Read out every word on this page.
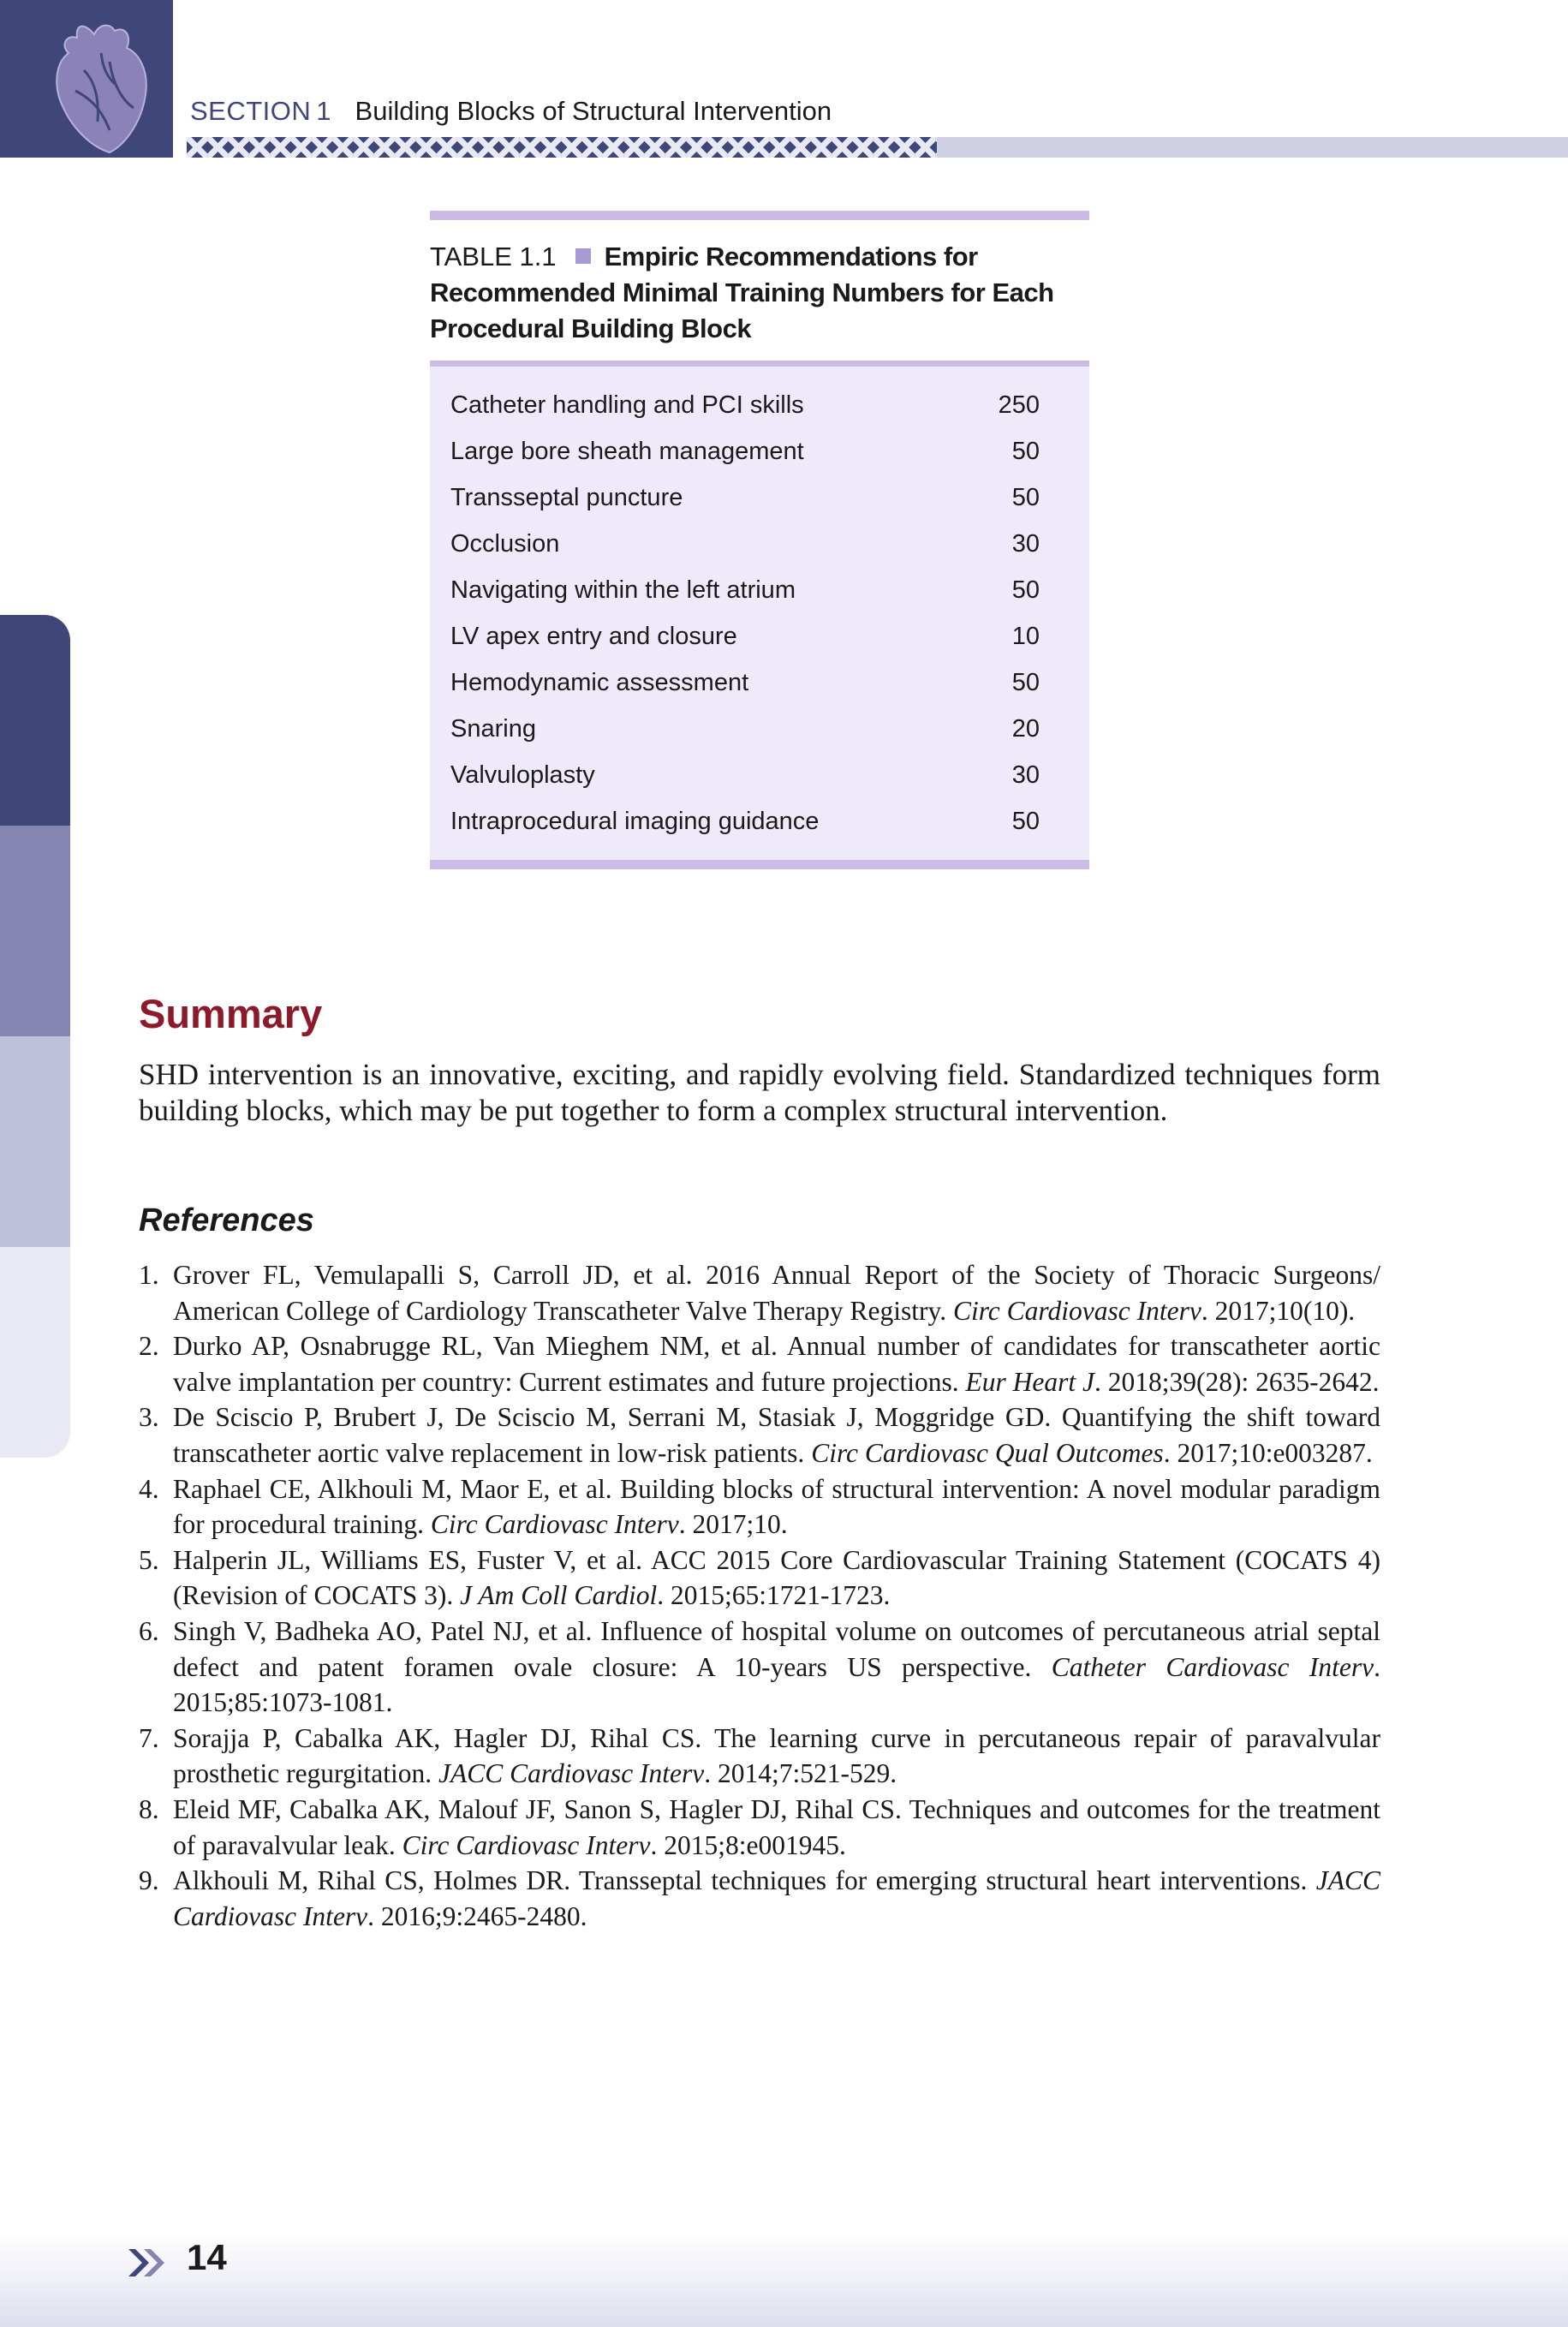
SECTION 1 Building Blocks of Structural Intervention
TABLE 1.1 Empiric Recommendations for
Recommended Minimal Training Numbers for Each
Procedural Building Block
Catheter handling and PCI skills	250
Large bore sheath management	50
Transseptal puncture	50
Occlusion	30
Navigating within the left atrium	50
LV apex entry and closure	10
Hemodynamic assessment	50
Snaring	20
Valvuloplasty	30
Intraprocedural imaging guidance	50
Summary

SHD intervention is an innovative, exciting, and rapidly evolving field. Standardized techniques form building blocks, which may be put together to form a complex structural intervention.

References
1. Grover FL, Vemulapalli S, Carroll JD, et al. 2016 Annual Report of the Society of Thoracic Surgeons/ American College of Cardiology Transcatheter Valve Therapy Registry. Circ Cardiovasc Interv. 2017;10(10).
2. Durko AP, Osnabrugge RL, Van Mieghem NM, et al. Annual number of candidates for transcatheter aortic valve implantation per country: Current estimates and future projections. Eur Heart J. 2018;39(28): 2635-2642.
3. De Sciscio P, Brubert J, De Sciscio M, Serrani M, Stasiak J, Moggridge GD. Quantifying the shift toward transcatheter aortic valve replacement in low-risk patients. Circ Cardiovasc Qual Outcomes. 2017;10:e003287.
4. Raphael CE, Alkhouli M, Maor E, et al. Building blocks of structural intervention: A novel modular paradigm for procedural training. Circ Cardiovasc Interv. 2017;10.
5. Halperin JL, Williams ES, Fuster V, et al. ACC 2015 Core Cardiovascular Training Statement (COCATS 4) (Revision of COCATS 3). J Am Coll Cardiol. 2015;65:1721-1723.
6. Singh V, Badheka AO, Patel NJ, et al. Influence of hospital volume on outcomes of percutaneous atrial septal defect and patent foramen ovale closure: A 10-years US perspective. Catheter Cardiovasc Interv. 2015;85:1073-1081.
7. Sorajja P, Cabalka AK, Hagler DJ, Rihal CS. The learning curve in percutaneous repair of paravalvular prosthetic regurgitation. JACC Cardiovasc Interv. 2014;7:521-529.
8. Eleid MF, Cabalka AK, Malouf JF, Sanon S, Hagler DJ, Rihal CS. Techniques and outcomes for the treatment of paravalvular leak. Circ Cardiovasc Interv. 2015;8:e001945.
9. Alkhouli M, Rihal CS, Holmes DR. Transseptal techniques for emerging structural heart interventions. JACC Cardiovasc Interv. 2016;9:2465-2480.
14
